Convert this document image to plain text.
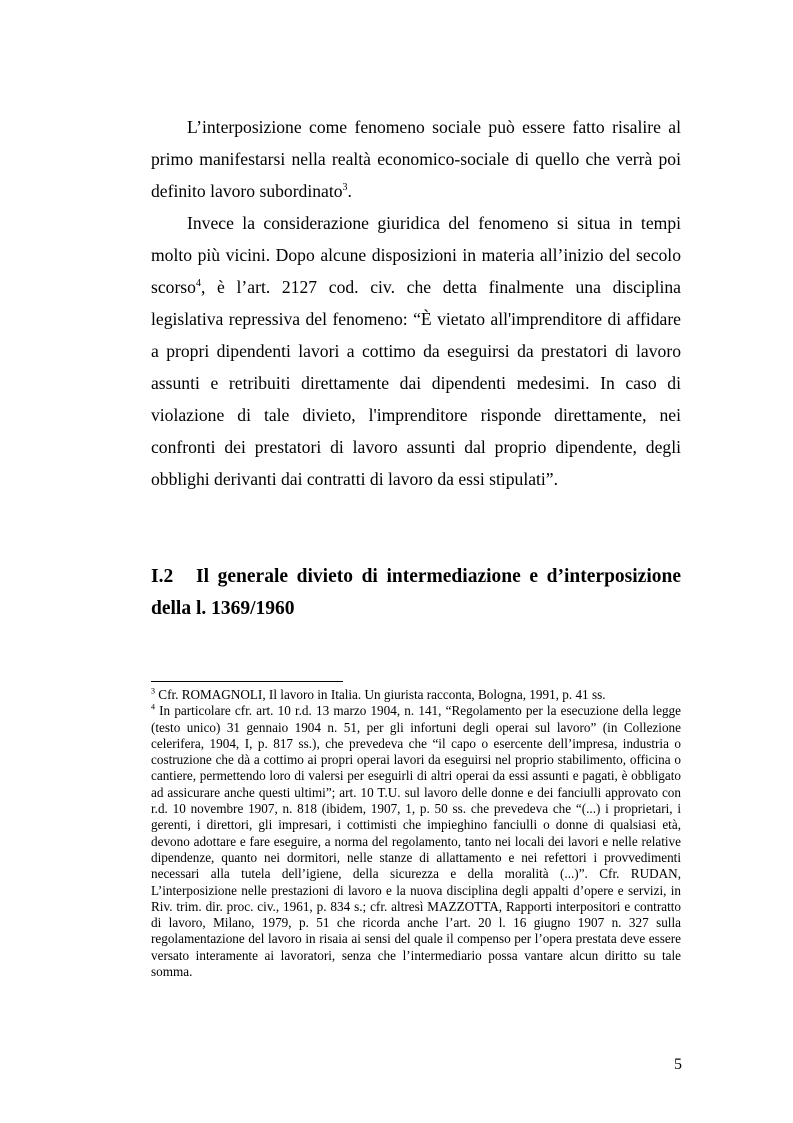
L’interposizione come fenomeno sociale può essere fatto risalire al primo manifestarsi nella realtà economico-sociale di quello che verrà poi definito lavoro subordinato$^3$.

Invece la considerazione giuridica del fenomeno si situa in tempi molto più vicini. Dopo alcune disposizioni in materia all’inizio del secolo scorso$^4$, è l’art. 2127 cod. civ. che detta finalmente una disciplina legislativa repressiva del fenomeno: “È vietato all'imprenditore di affidare a propri dipendenti lavori a cottimo da eseguirsi da prestatori di lavoro assunti e retribuiti direttamente dai dipendenti medesimi. In caso di violazione di tale divieto, l'imprenditore risponde direttamente, nei confronti dei prestatori di lavoro assunti dal proprio dipendente, degli obblighi derivanti dai contratti di lavoro da essi stipulati”.

I.2 Il generale divieto di intermediazione e d’interposizione della l. 1369/1960

$^3$ Cfr. ROMAGNOLI, Il lavoro in Italia. Un giurista racconta, Bologna, 1991, p. 41 ss.

$^4$ In particolare cfr. art. 10 r.d. 13 marzo 1904, n. 141, “Regolamento per la esecuzione della legge (testo unico) 31 gennaio 1904 n. 51, per gli infortuni degli operai sul lavoro” (in Collezione celerifera, 1904, I, p. 817 ss.), che prevedeva che “il capo o esercente dell’impresa, industria o costruzione che dà a cottimo ai propri operai lavori da eseguirsi nel proprio stabilimento, officina o cantiere, permettendo loro di valersi per eseguirli di altri operai da essi assunti e pagati, è obbligato ad assicurare anche questi ultimi”; art. 10 T.U. sul lavoro delle donne e dei fanciulli approvato con r.d. 10 novembre 1907, n. 818 (ibidem, 1907, 1, p. 50 ss. che prevedeva che “(...) i proprietari, i gerenti, i direttori, gli impresari, i cottimisti che impieghino fanciulli o donne di qualsiasi età, devono adottare e fare eseguire, a norma del regolamento, tanto nei locali dei lavori e nelle relative dipendenze, quanto nei dormitori, nelle stanze di allattamento e nei refettori i provvedimenti necessari alla tutela dell’igiene, della sicurezza e della moralità (...)”. Cfr. RUDAN, L’interposizione nelle prestazioni di lavoro e la nuova disciplina degli appalti d’opere e servizi, in Riv. trim. dir. proc. civ., 1961, p. 834 s.; cfr. altresì MAZZOTTA, Rapporti interpositori e contratto di lavoro, Milano, 1979, p. 51 che ricorda anche l’art. 20 l. 16 giugno 1907 n. 327 sulla regolamentazione del lavoro in risaia ai sensi del quale il compenso per l’opera prestata deve essere versato interamente ai lavoratori, senza che l’intermediario possa vantare alcun diritto su tale somma.

5
